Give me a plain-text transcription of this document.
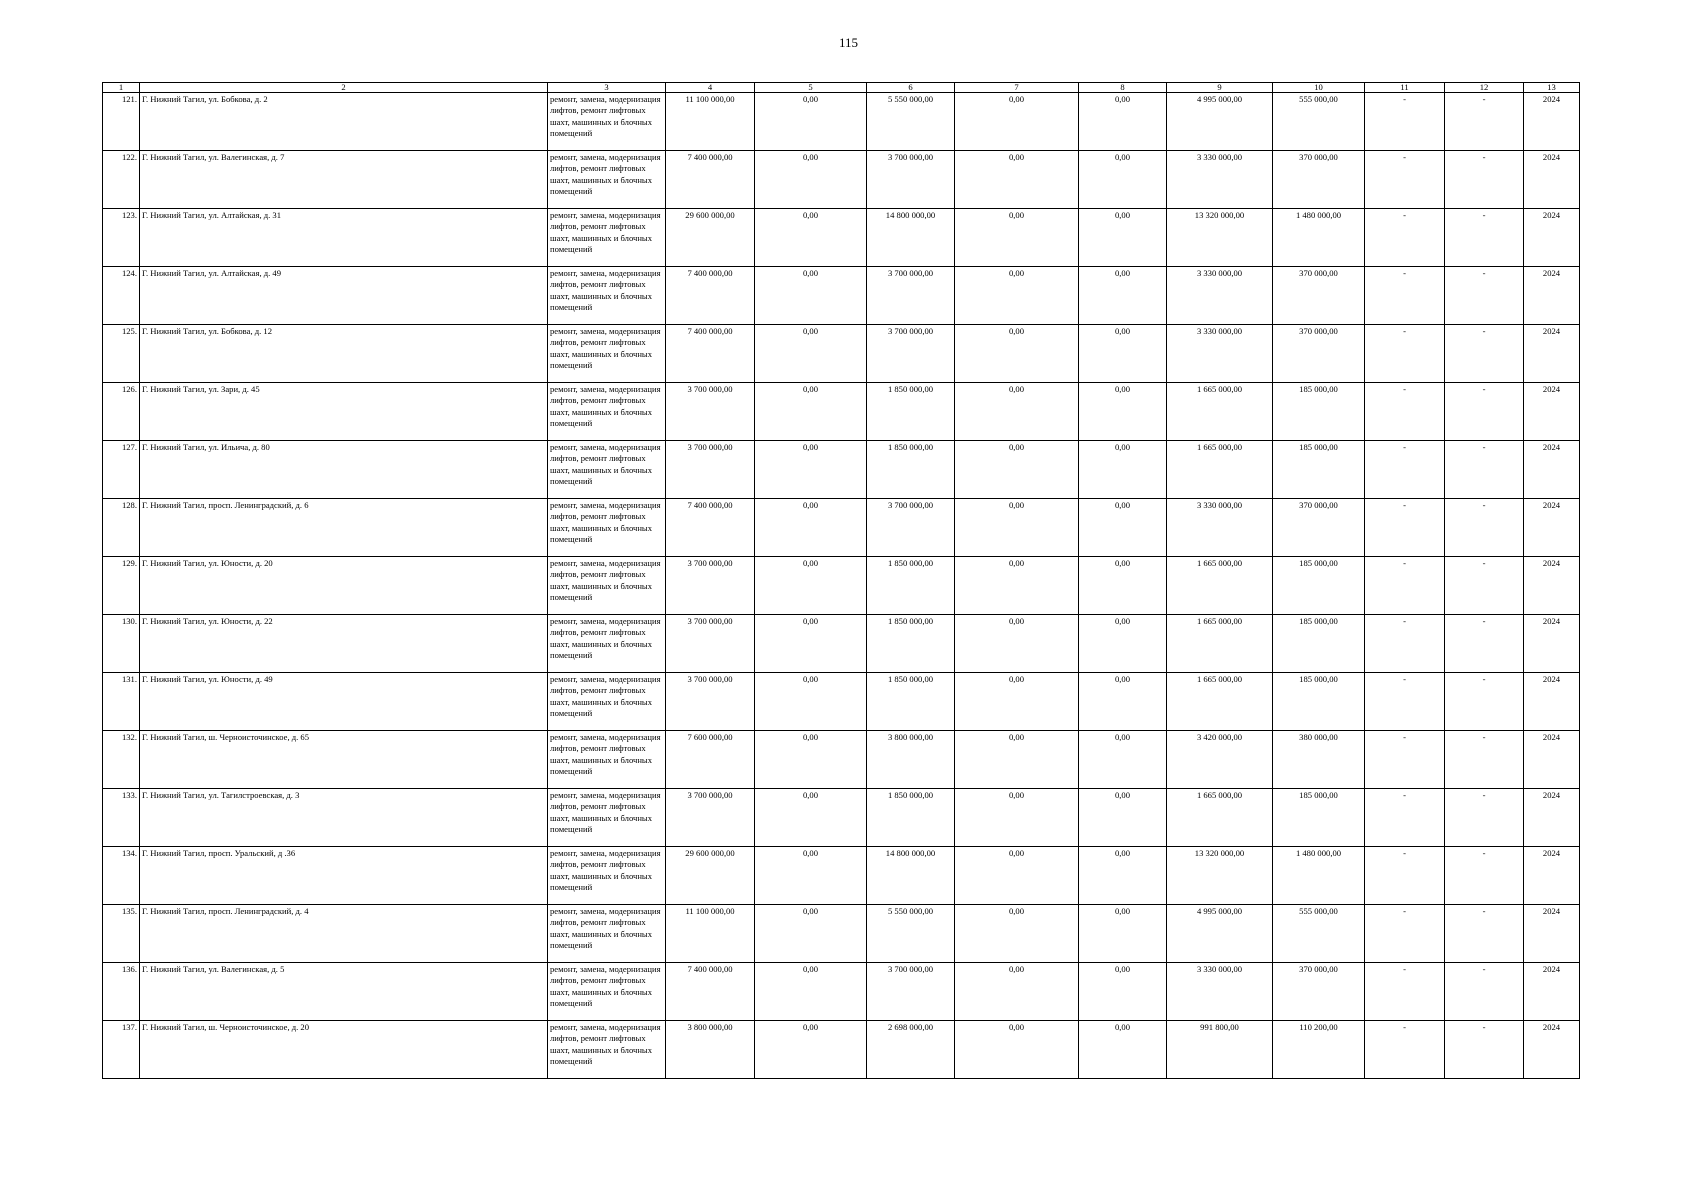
115
1	2	3	4	5	6	7	8	9	10	11	12	13
121.	Г. Нижний Тагил, ул. Бобкова, д. 2	ремонт, замена, модернизация лифтов, ремонт лифтовых шахт, машинных и блочных помещений	11 100 000,00	0,00	5 550 000,00	0,00	0,00	4 995 000,00	555 000,00	-	-	2024
122.	Г. Нижний Тагил, ул. Валегинская, д. 7	ремонт, замена, модернизация лифтов, ремонт лифтовых шахт, машинных и блочных помещений	7 400 000,00	0,00	3 700 000,00	0,00	0,00	3 330 000,00	370 000,00	-	-	2024
123.	Г. Нижний Тагил, ул. Алтайская, д. 31	ремонт, замена, модернизация лифтов, ремонт лифтовых шахт, машинных и блочных помещений	29 600 000,00	0,00	14 800 000,00	0,00	0,00	13 320 000,00	1 480 000,00	-	-	2024
124.	Г. Нижний Тагил, ул. Алтайская, д. 49	ремонт, замена, модернизация лифтов, ремонт лифтовых шахт, машинных и блочных помещений	7 400 000,00	0,00	3 700 000,00	0,00	0,00	3 330 000,00	370 000,00	-	-	2024
125.	Г. Нижний Тагил, ул. Бобкова, д. 12	ремонт, замена, модернизация лифтов, ремонт лифтовых шахт, машинных и блочных помещений	7 400 000,00	0,00	3 700 000,00	0,00	0,00	3 330 000,00	370 000,00	-	-	2024
126.	Г. Нижний Тагил, ул. Зари, д. 45	ремонт, замена, модернизация лифтов, ремонт лифтовых шахт, машинных и блочных помещений	3 700 000,00	0,00	1 850 000,00	0,00	0,00	1 665 000,00	185 000,00	-	-	2024
127.	Г. Нижний Тагил, ул. Ильича, д. 80	ремонт, замена, модернизация лифтов, ремонт лифтовых шахт, машинных и блочных помещений	3 700 000,00	0,00	1 850 000,00	0,00	0,00	1 665 000,00	185 000,00	-	-	2024
128.	Г. Нижний Тагил, просп. Ленинградский, д. 6	ремонт, замена, модернизация лифтов, ремонт лифтовых шахт, машинных и блочных помещений	7 400 000,00	0,00	3 700 000,00	0,00	0,00	3 330 000,00	370 000,00	-	-	2024
129.	Г. Нижний Тагил, ул. Юности, д. 20	ремонт, замена, модернизация лифтов, ремонт лифтовых шахт, машинных и блочных помещений	3 700 000,00	0,00	1 850 000,00	0,00	0,00	1 665 000,00	185 000,00	-	-	2024
130.	Г. Нижний Тагил, ул. Юности, д. 22	ремонт, замена, модернизация лифтов, ремонт лифтовых шахт, машинных и блочных помещений	3 700 000,00	0,00	1 850 000,00	0,00	0,00	1 665 000,00	185 000,00	-	-	2024
131.	Г. Нижний Тагил, ул. Юности, д. 49	ремонт, замена, модернизация лифтов, ремонт лифтовых шахт, машинных и блочных помещений	3 700 000,00	0,00	1 850 000,00	0,00	0,00	1 665 000,00	185 000,00	-	-	2024
132.	Г. Нижний Тагил, ш. Черноисточинское, д. 65	ремонт, замена, модернизация лифтов, ремонт лифтовых шахт, машинных и блочных помещений	7 600 000,00	0,00	3 800 000,00	0,00	0,00	3 420 000,00	380 000,00	-	-	2024
133.	Г. Нижний Тагил, ул. Тагилстроевская, д. 3	ремонт, замена, модернизация лифтов, ремонт лифтовых шахт, машинных и блочных помещений	3 700 000,00	0,00	1 850 000,00	0,00	0,00	1 665 000,00	185 000,00	-	-	2024
134.	Г. Нижний Тагил, просп. Уральский, д .36	ремонт, замена, модернизация лифтов, ремонт лифтовых шахт, машинных и блочных помещений	29 600 000,00	0,00	14 800 000,00	0,00	0,00	13 320 000,00	1 480 000,00	-	-	2024
135.	Г. Нижний Тагил, просп. Ленинградский, д. 4	ремонт, замена, модернизация лифтов, ремонт лифтовых шахт, машинных и блочных помещений	11 100 000,00	0,00	5 550 000,00	0,00	0,00	4 995 000,00	555 000,00	-	-	2024
136.	Г. Нижний Тагил, ул. Валегинская, д. 5	ремонт, замена, модернизация лифтов, ремонт лифтовых шахт, машинных и блочных помещений	7 400 000,00	0,00	3 700 000,00	0,00	0,00	3 330 000,00	370 000,00	-	-	2024
137.	Г. Нижний Тагил, ш. Черноисточинское, д. 20	ремонт, замена, модернизация лифтов, ремонт лифтовых шахт, машинных и блочных помещений	3 800 000,00	0,00	2 698 000,00	0,00	0,00	991 800,00	110 200,00	-	-	2024
